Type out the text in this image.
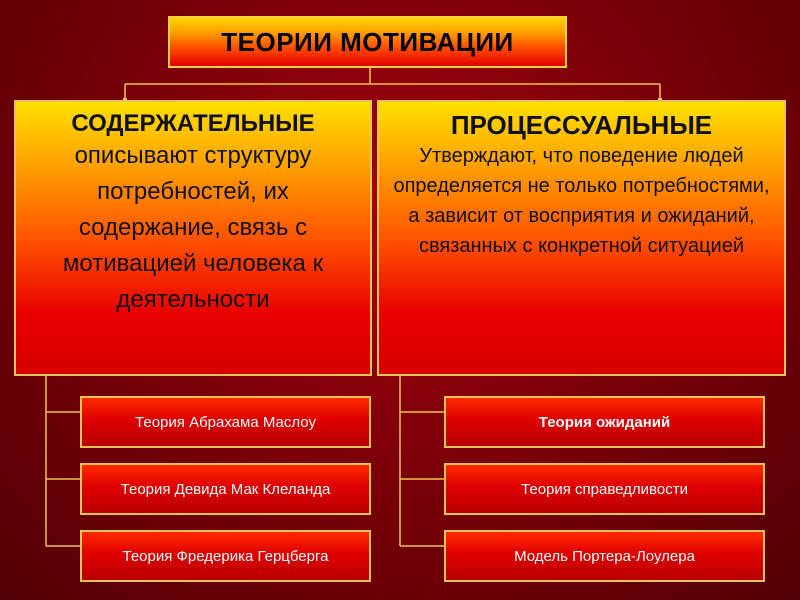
ТЕОРИИ МОТИВАЦИИ
СОДЕРЖАТЕЛЬНЫЕ
описывают структуру потребностей, их содержание, связь с мотивацией человека к деятельности
ПРОЦЕССУАЛЬНЫЕ
Утверждают, что поведение людей определяется не только потребностями, а зависит от восприятия и ожиданий, связанных с конкретной ситуацией
Теория Абрахама Маслоу
Теория Девида Мак Клеланда
Теория Фредерика Герцберга
Теория ожиданий
Теория справедливости
Модель Портера-Лоулера
